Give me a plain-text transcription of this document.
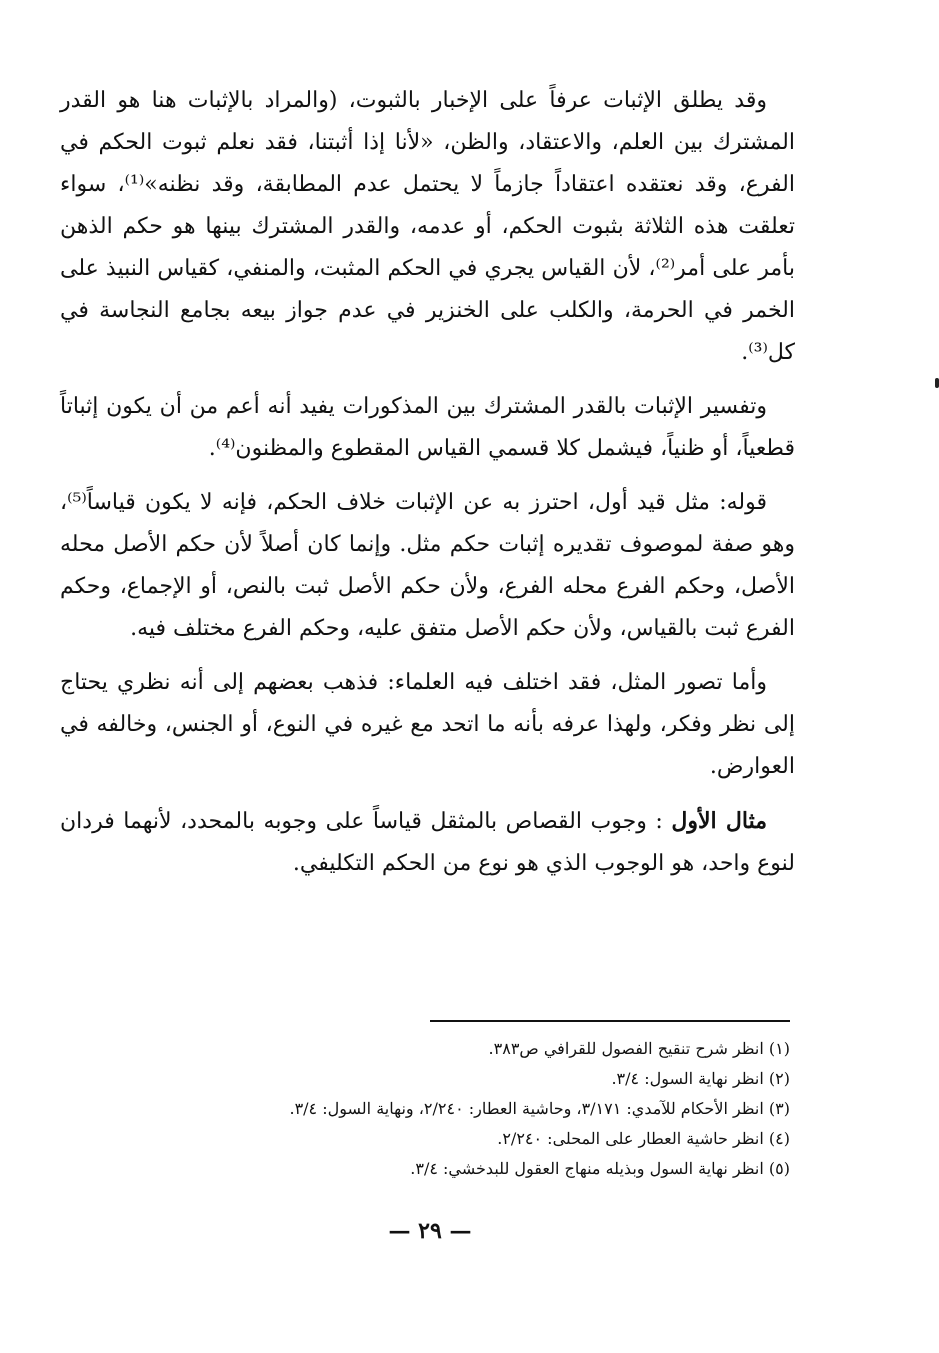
وقد يطلق الإثبات عرفاً على الإخبار بالثبوت، (والمراد بالإثبات هنا هو القدر المشترك بين العلم، والاعتقاد، والظن، «لأنا إذا أثبتنا، فقد نعلم ثبوت الحكم في الفرع، وقد نعتقده اعتقاداً جازماً لا يحتمل عدم المطابقة، وقد نظنه»⁽¹⁾، سواء تعلقت هذه الثلاثة بثبوت الحكم، أو عدمه، والقدر المشترك بينها هو حكم الذهن بأمر على أمر⁽²⁾، لأن القياس يجري في الحكم المثبت، والمنفي، كقياس النبيذ على الخمر في الحرمة، والكلب على الخنزير في عدم جواز بيعه بجامع النجاسة في كل⁽³⁾.

وتفسير الإثبات بالقدر المشترك بين المذكورات يفيد أنه أعم من أن يكون إثباتاً قطعياً، أو ظنياً، فيشمل كلا قسمي القياس المقطوع والمظنون⁽⁴⁾.

قوله: مثل قيد أول، احترز به عن الإثبات خلاف الحكم، فإنه لا يكون قياساً⁽⁵⁾، وهو صفة لموصوف تقديره إثبات حكم مثل. وإنما كان أصلاً لأن حكم الأصل محله الأصل، وحكم الفرع محله الفرع، ولأن حكم الأصل ثبت بالنص، أو الإجماع، وحكم الفرع ثبت بالقياس، ولأن حكم الأصل متفق عليه، وحكم الفرع مختلف فيه.

وأما تصور المثل، فقد اختلف فيه العلماء: فذهب بعضهم إلى أنه نظري يحتاج إلى نظر وفكر، ولهذا عرفه بأنه ما اتحد مع غيره في النوع، أو الجنس، وخالفه في العوارض.

مثال الأول : وجوب القصاص بالمثقل قياساً على وجوبه بالمحدد، لأنهما فردان لنوع واحد، هو الوجوب الذي هو نوع من الحكم التكليفي.

(١) انظر شرح تنقيح الفصول للقرافي ص٣٨٣.

(٢) انظر نهاية السول: ٣/٤.

(٣) انظر الأحكام للآمدي: ٣/١٧١، وحاشية العطار: ٢/٢٤٠، ونهاية السول: ٣/٤.

(٤) انظر حاشية العطار على المحلى: ٢/٢٤٠.

(٥) انظر نهاية السول وبذيله منهاج العقول للبدخشي: ٣/٤.

— ٢٩ —
